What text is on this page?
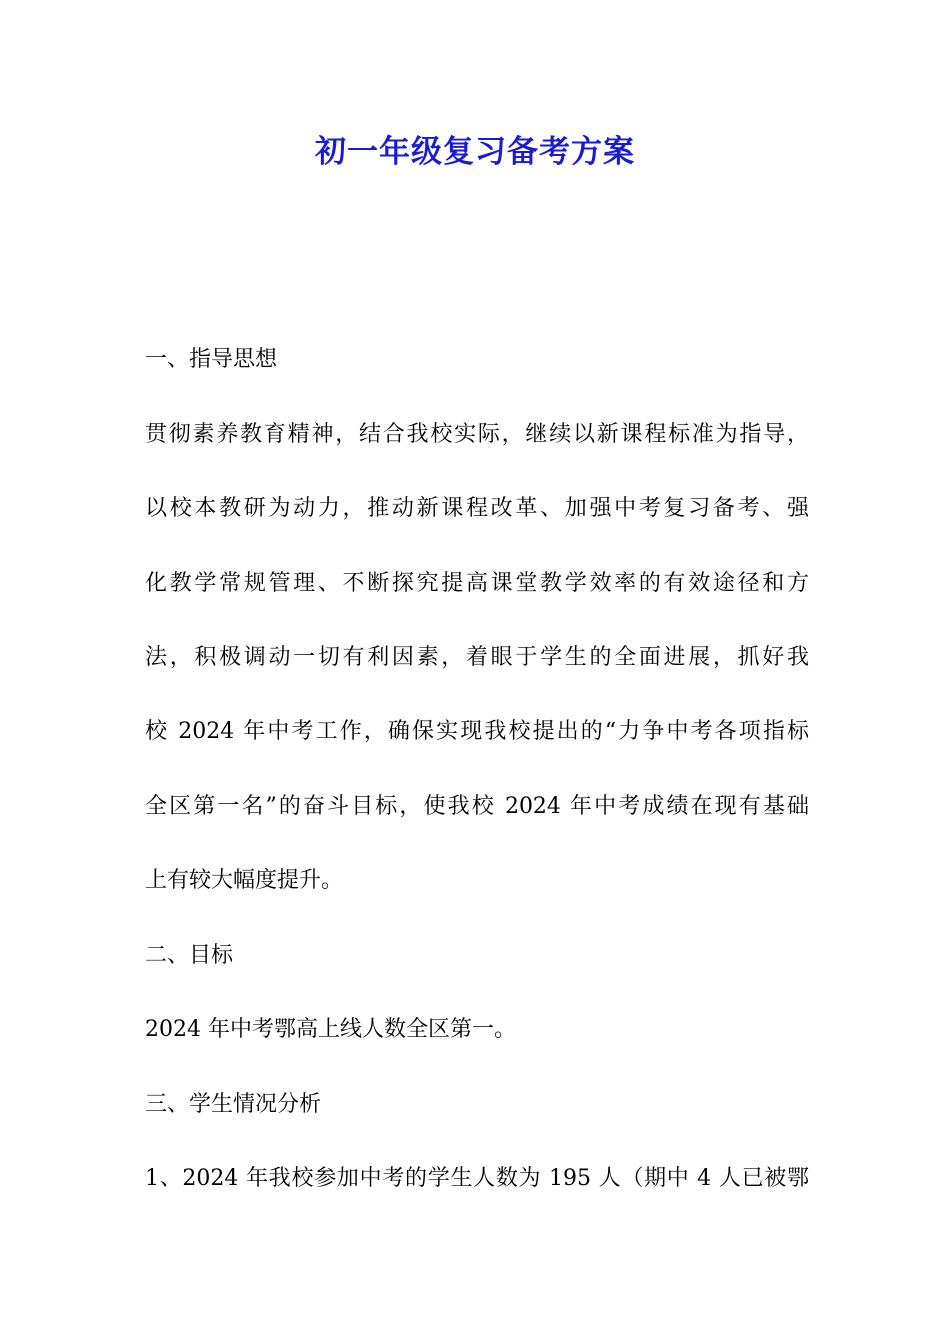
初一年级复习备考方案

一、指导思想

贯彻素养教育精神，结合我校实际，继续以新课程标准为指导，

以校本教研为动力，推动新课程改革、加强中考复习备考、强

化教学常规管理、不断探究提高课堂教学效率的有效途径和方

法，积极调动一切有利因素，着眼于学生的全面进展，抓好我

校 2024 年中考工作，确保实现我校提出的“力争中考各项指标

全区第一名”的奋斗目标，使我校 2024 年中考成绩在现有基础

上有较大幅度提升。

二、目标

2024 年中考鄂高上线人数全区第一。

三、学生情况分析

1、2024 年我校参加中考的学生人数为 195 人（期中 4 人已被鄂
